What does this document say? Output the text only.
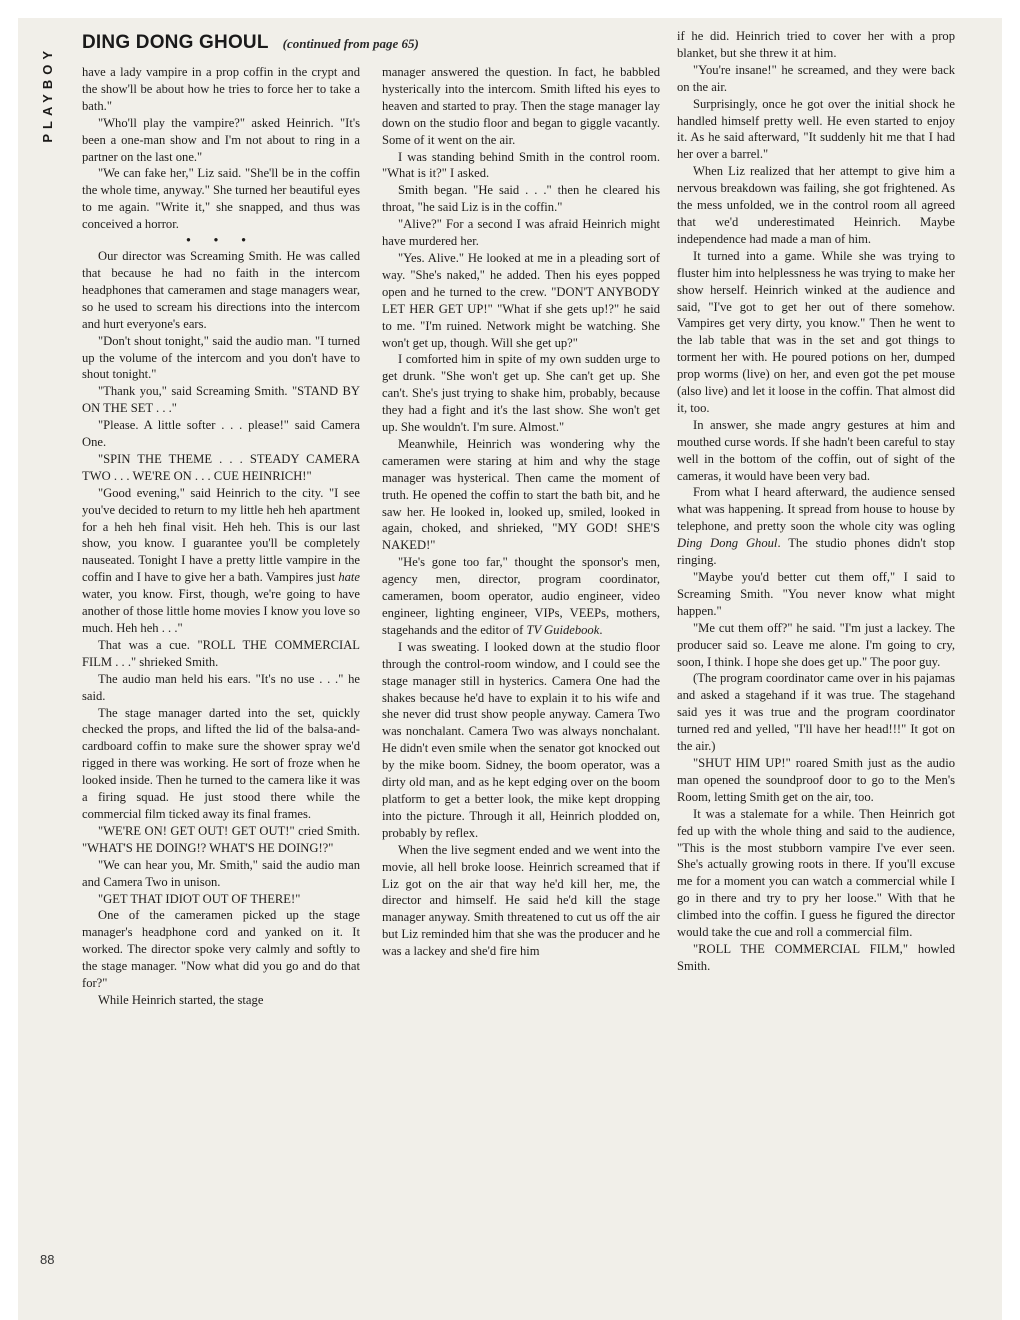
PLAYBOY
88
DING DONG GHOUL (continued from page 65)

have a lady vampire in a prop coffin in the crypt and the show'll be about how he tries to force her to take a bath."

"Who'll play the vampire?" asked Heinrich. "It's been a one-man show and I'm not about to ring in a partner on the last one."

"We can fake her," Liz said. "She'll be in the coffin the whole time, anyway." She turned her beautiful eyes to me again. "Write it," she snapped, and thus was conceived a horror.

• • •

Our director was Screaming Smith. He was called that because he had no faith in the intercom headphones that cameramen and stage managers wear, so he used to scream his directions into the intercom and hurt everyone's ears.

"Don't shout tonight," said the audio man. "I turned up the volume of the intercom and you don't have to shout tonight."

"Thank you," said Screaming Smith. "STAND BY ON THE SET . . ."

"Please. A little softer . . . please!" said Camera One.

"SPIN THE THEME . . . STEADY CAMERA TWO . . . WE'RE ON . . . CUE HEINRICH!"

"Good evening," said Heinrich to the city. "I see you've decided to return to my little heh heh apartment for a heh heh final visit. Heh heh. This is our last show, you know. I guarantee you'll be completely nauseated. Tonight I have a pretty little vampire in the coffin and I have to give her a bath. Vampires just hate water, you know. First, though, we're going to have another of those little home movies I know you love so much. Heh heh . . ."

That was a cue. "ROLL THE COMMERCIAL FILM . . ." shrieked Smith.

The audio man held his ears. "It's no use . . ." he said.

The stage manager darted into the set, quickly checked the props, and lifted the lid of the balsa-and-cardboard coffin to make sure the shower spray we'd rigged in there was working. He sort of froze when he looked inside. Then he turned to the camera like it was a firing squad. He just stood there while the commercial film ticked away its final frames.

"WE'RE ON! GET OUT! GET OUT!" cried Smith. "WHAT'S HE DOING!? WHAT'S HE DOING!?"

"We can hear you, Mr. Smith," said the audio man and Camera Two in unison.

"GET THAT IDIOT OUT OF THERE!"

One of the cameramen picked up the stage manager's headphone cord and yanked on it. It worked. The director spoke very calmly and softly to the stage manager. "Now what did you go and do that for?"

While Heinrich started, the stage

manager answered the question. In fact, he babbled hysterically into the intercom. Smith lifted his eyes to heaven and started to pray. Then the stage manager lay down on the studio floor and began to giggle vacantly. Some of it went on the air.

I was standing behind Smith in the control room. "What is it?" I asked.

Smith began. "He said . . ." then he cleared his throat, "he said Liz is in the coffin."

"Alive?" For a second I was afraid Heinrich might have murdered her.

"Yes. Alive." He looked at me in a pleading sort of way. "She's naked," he added. Then his eyes popped open and he turned to the crew. "DON'T ANYBODY LET HER GET UP!" "What if she gets up!?" he said to me. "I'm ruined. Network might be watching. She won't get up, though. Will she get up?"

I comforted him in spite of my own sudden urge to get drunk. "She won't get up. She can't get up. She can't. She's just trying to shake him, probably, because they had a fight and it's the last show. She won't get up. She wouldn't. I'm sure. Almost."

Meanwhile, Heinrich was wondering why the cameramen were staring at him and why the stage manager was hysterical. Then came the moment of truth. He opened the coffin to start the bath bit, and he saw her. He looked in, looked up, smiled, looked in again, choked, and shrieked, "MY GOD! SHE'S NAKED!"

"He's gone too far," thought the sponsor's men, agency men, director, program coordinator, cameramen, boom operator, audio engineer, video engineer, lighting engineer, VIPs, VEEPs, mothers, stagehands and the editor of TV Guidebook.

I was sweating. I looked down at the studio floor through the control-room window, and I could see the stage manager still in hysterics. Camera One had the shakes because he'd have to explain it to his wife and she never did trust show people anyway. Camera Two was nonchalant. Camera Two was always nonchalant. He didn't even smile when the senator got knocked out by the mike boom. Sidney, the boom operator, was a dirty old man, and as he kept edging over on the boom platform to get a better look, the mike kept dropping into the picture. Through it all, Heinrich plodded on, probably by reflex.

When the live segment ended and we went into the movie, all hell broke loose. Heinrich screamed that if Liz got on the air that way he'd kill her, me, the director and himself. He said he'd kill the stage manager anyway. Smith threatened to cut us off the air but Liz reminded him that she was the producer and he was a lackey and she'd fire him

if he did. Heinrich tried to cover her with a prop blanket, but she threw it at him.

"You're insane!" he screamed, and they were back on the air.

Surprisingly, once he got over the initial shock he handled himself pretty well. He even started to enjoy it. As he said afterward, "It suddenly hit me that I had her over a barrel."

When Liz realized that her attempt to give him a nervous breakdown was failing, she got frightened. As the mess unfolded, we in the control room all agreed that we'd underestimated Heinrich. Maybe independence had made a man of him.

It turned into a game. While she was trying to fluster him into helplessness he was trying to make her show herself. Heinrich winked at the audience and said, "I've got to get her out of there somehow. Vampires get very dirty, you know." Then he went to the lab table that was in the set and got things to torment her with. He poured potions on her, dumped prop worms (live) on her, and even got the pet mouse (also live) and let it loose in the coffin. That almost did it, too.

In answer, she made angry gestures at him and mouthed curse words. If she hadn't been careful to stay well in the bottom of the coffin, out of sight of the cameras, it would have been very bad.

From what I heard afterward, the audience sensed what was happening. It spread from house to house by telephone, and pretty soon the whole city was ogling Ding Dong Ghoul. The studio phones didn't stop ringing.

"Maybe you'd better cut them off," I said to Screaming Smith. "You never know what might happen."

"Me cut them off?" he said. "I'm just a lackey. The producer said so. Leave me alone. I'm going to cry, soon, I think. I hope she does get up." The poor guy.

(The program coordinator came over in his pajamas and asked a stagehand if it was true. The stagehand said yes it was true and the program coordinator turned red and yelled, "I'll have her head!!!" It got on the air.)

"SHUT HIM UP!" roared Smith just as the audio man opened the soundproof door to go to the Men's Room, letting Smith get on the air, too.

It was a stalemate for a while. Then Heinrich got fed up with the whole thing and said to the audience, "This is the most stubborn vampire I've ever seen. She's actually growing roots in there. If you'll excuse me for a moment you can watch a commercial while I go in there and try to pry her loose." With that he climbed into the coffin. I guess he figured the director would take the cue and roll a commercial film.

"ROLL THE COMMERCIAL FILM," howled Smith.
